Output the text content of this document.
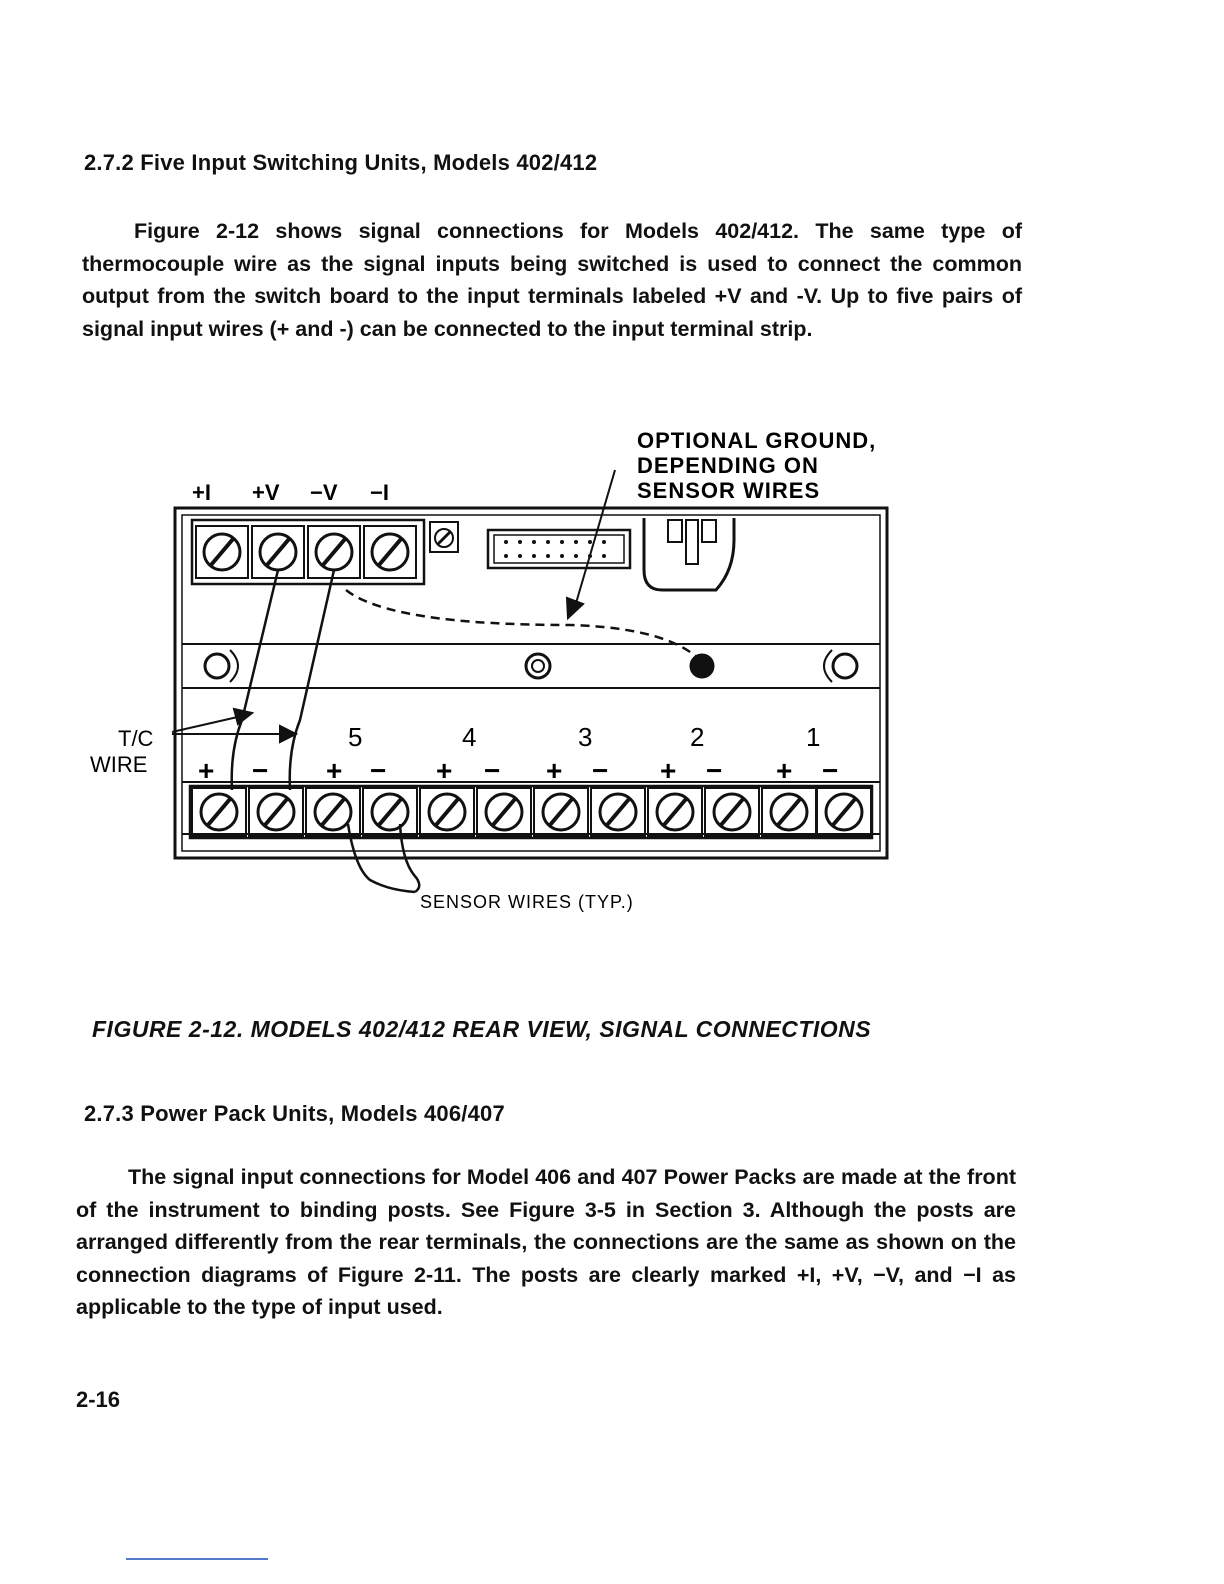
2.7.2 Five Input Switching Units, Models 402/412

Figure 2-12 shows signal connections for Models 402/412. The same type of thermocouple wire as the signal inputs being switched is used to connect the common output from the switch board to the input terminals labeled +V and -V. Up to five pairs of signal input wires (+ and -) can be connected to the input terminal strip.

OPTIONAL GROUND,
DEPENDING ON
SENSOR WIRES
+I +V −V −I
5	4	3	2	1
T/C
WIRE + − + − + − + − + − + −
SENSOR WIRES (TYP.)
FIGURE 2-12. MODELS 402/412 REAR VIEW, SIGNAL CONNECTIONS
2.7.3 Power Pack Units, Models 406/407

The signal input connections for Model 406 and 407 Power Packs are made at the front of the instrument to binding posts. See Figure 3-5 in Section 3. Although the posts are arranged differently from the rear terminals, the connections are the same as shown on the connection diagrams of Figure 2-11. The posts are clearly marked +I, +V, −V, and −I as applicable to the type of input used.

2-16
